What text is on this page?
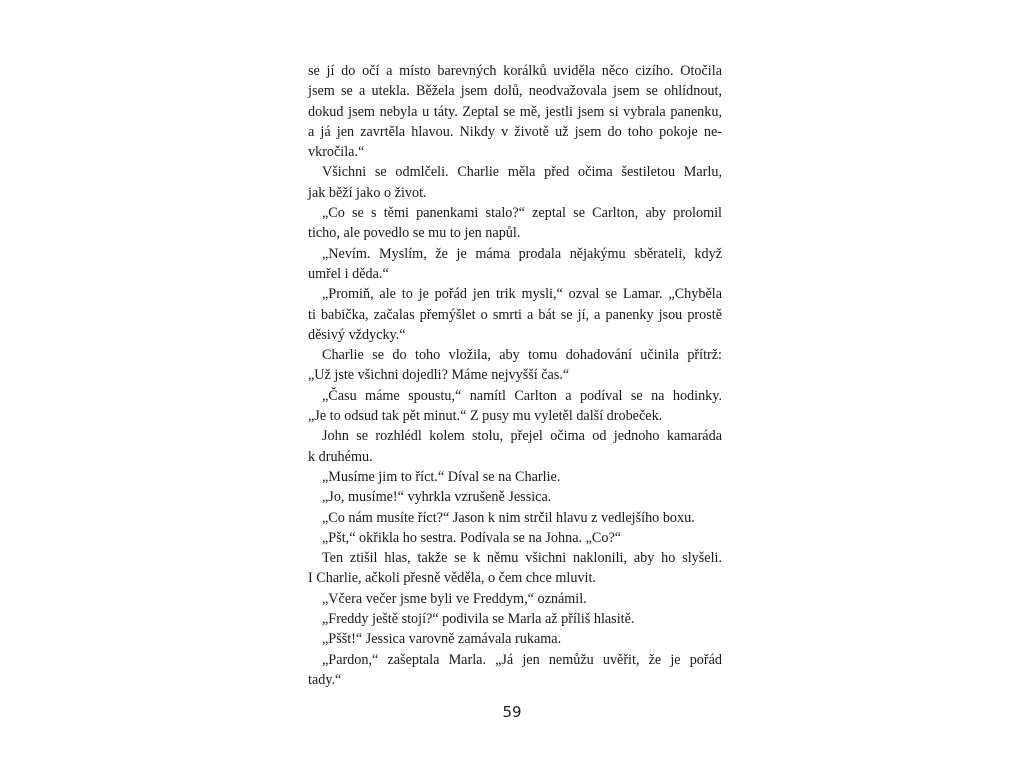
se jí do očí a místo barevných korálků uviděla něco cizího. Otočila
jsem se a utekla. Běžela jsem dolů, neodvažovala jsem se ohlídnout,
dokud jsem nebyla u táty. Zeptal se mě, jestli jsem si vybrala panenku,
a já jen zavrtěla hlavou. Nikdy v životě už jsem do toho pokoje ne-
vkročila.“
Všichni se odmlčeli. Charlie měla před očima šestiletou Marlu,
jak běží jako o život.
„Co se s těmi panenkami stalo?“ zeptal se Carlton, aby prolomil
ticho, ale povedlo se mu to jen napůl.
„Nevím. Myslím, že je máma prodala nějakýmu sběrateli, když
umřel i děda.“
„Promiň, ale to je pořád jen trik mysli,“ ozval se Lamar. „Chyběla
ti babička, začalas přemýšlet o smrti a bát se jí, a panenky jsou prostě
děsivý vždycky.“
Charlie se do toho vložila, aby tomu dohadování učinila přítrž:
„Už jste všichni dojedli? Máme nejvyšší čas.“
„Času máme spoustu,“ namítl Carlton a podíval se na hodinky.
„Je to odsud tak pět minut.“ Z pusy mu vyletěl další drobeček.
John se rozhlédl kolem stolu, přejel očima od jednoho kamaráda
k druhému.
„Musíme jim to říct.“ Díval se na Charlie.
„Jo, musíme!“ vyhrkla vzrušeně Jessica.
„Co nám musíte říct?“ Jason k nim strčil hlavu z vedlejšího boxu.
„Pšt,“ okřikla ho sestra. Podívala se na Johna. „Co?“
Ten ztišil hlas, takže se k němu všichni naklonili, aby ho slyšeli.
I Charlie, ačkoli přesně věděla, o čem chce mluvit.
„Včera večer jsme byli ve Freddym,“ oznámil.
„Freddy ještě stojí?“ podivila se Marla až příliš hlasitě.
„Pššt!“ Jessica varovně zamávala rukama.
„Pardon,“ zašeptala Marla. „Já jen nemůžu uvěřit, že je pořád
tady.“
59
